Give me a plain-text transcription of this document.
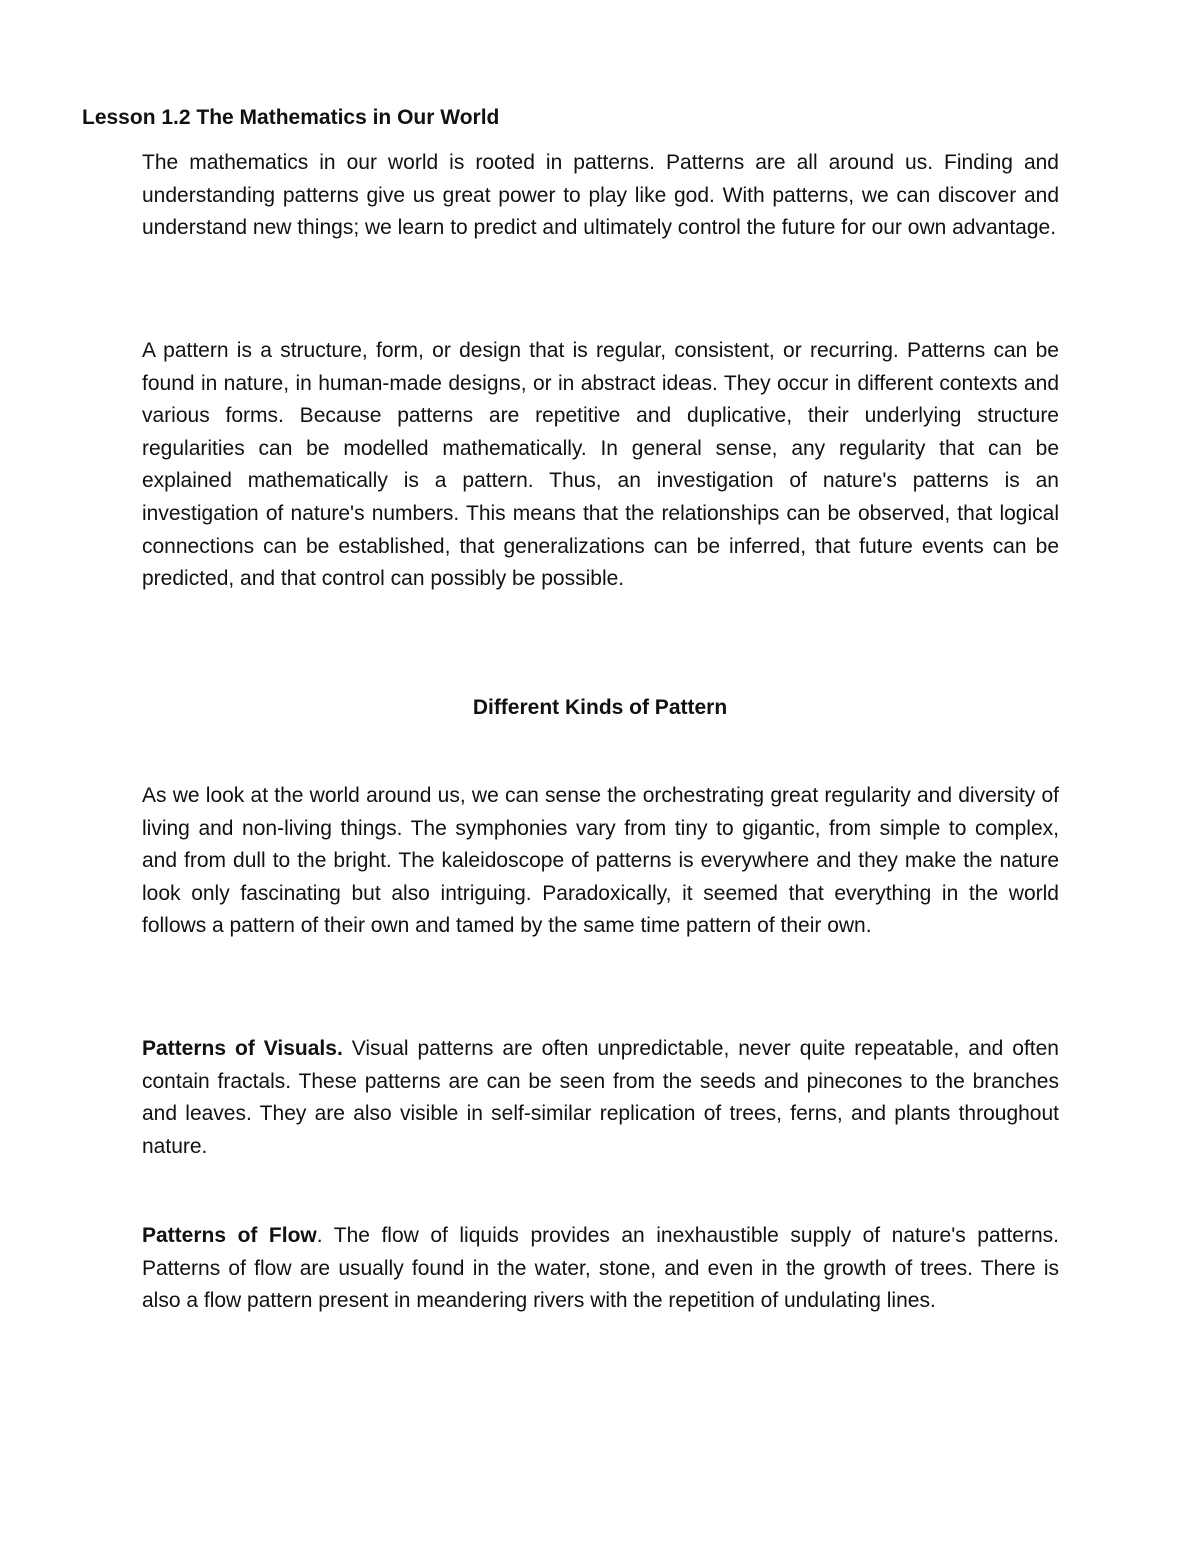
Lesson 1.2 The Mathematics in Our World

The mathematics in our world is rooted in patterns. Patterns are all around us. Finding and understanding patterns give us great power to play like god. With patterns, we can discover and understand new things; we learn to predict and ultimately control the future for our own advantage.

A pattern is a structure, form, or design that is regular, consistent, or recurring. Patterns can be found in nature, in human-made designs, or in abstract ideas. They occur in different contexts and various forms. Because patterns are repetitive and duplicative, their underlying structure regularities can be modelled mathematically. In general sense, any regularity that can be explained mathematically is a pattern. Thus, an investigation of nature's patterns is an investigation of nature's numbers. This means that the relationships can be observed, that logical connections can be established, that generalizations can be inferred, that future events can be predicted, and that control can possibly be possible.

Different Kinds of Pattern

As we look at the world around us, we can sense the orchestrating great regularity and diversity of living and non-living things. The symphonies vary from tiny to gigantic, from simple to complex, and from dull to the bright. The kaleidoscope of patterns is everywhere and they make the nature look only fascinating but also intriguing. Paradoxically, it seemed that everything in the world follows a pattern of their own and tamed by the same time pattern of their own.

Patterns of Visuals. Visual patterns are often unpredictable, never quite repeatable, and often contain fractals. These patterns are can be seen from the seeds and pinecones to the branches and leaves. They are also visible in self-similar replication of trees, ferns, and plants throughout nature.

Patterns of Flow. The flow of liquids provides an inexhaustible supply of nature's patterns. Patterns of flow are usually found in the water, stone, and even in the growth of trees. There is also a flow pattern present in meandering rivers with the repetition of undulating lines.
